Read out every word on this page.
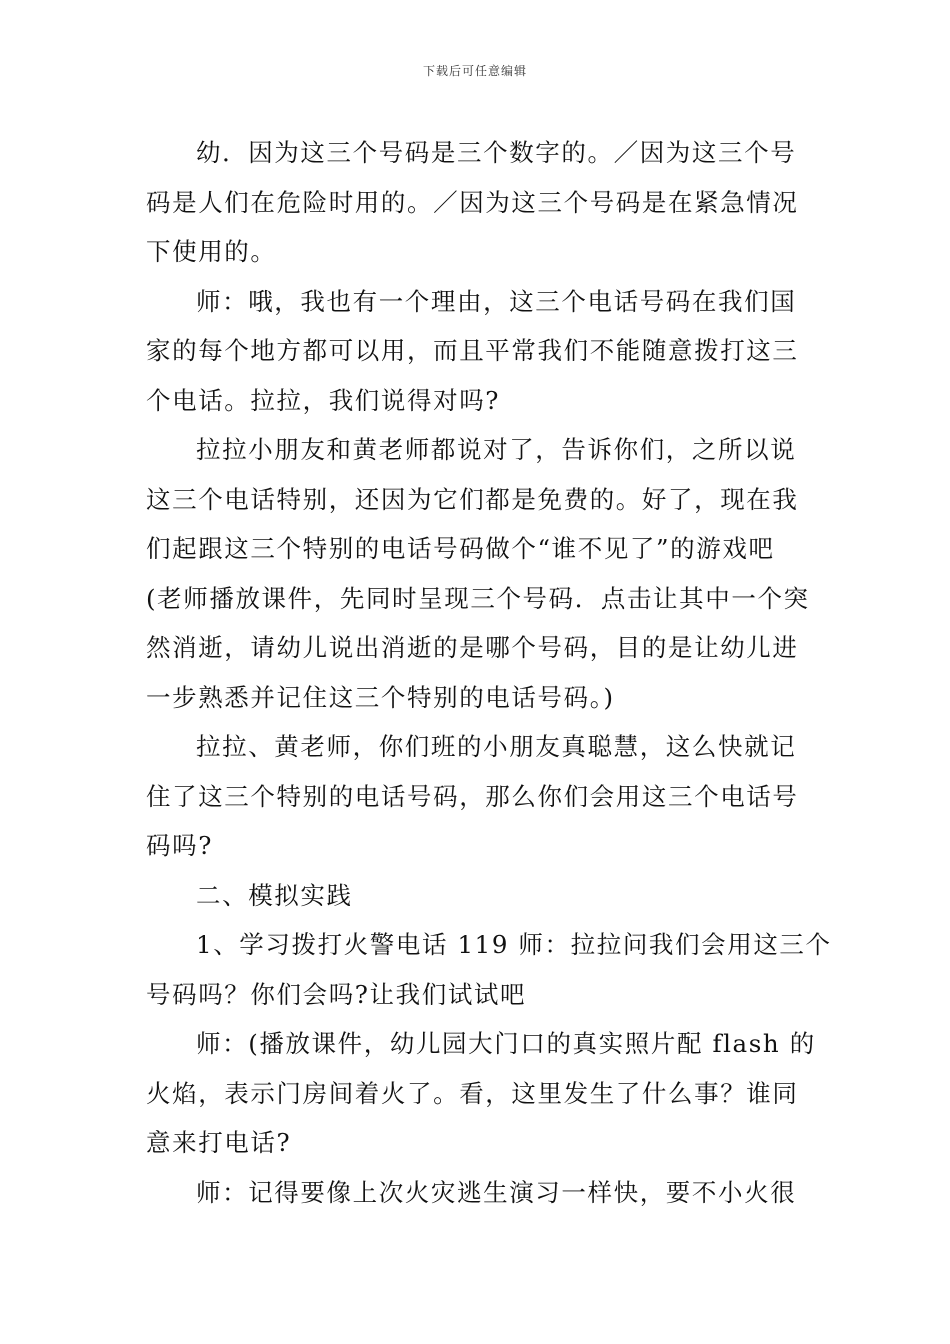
下载后可任意编辑
幼．因为这三个号码是三个数字的。／因为这三个号
码是人们在危险时用的。／因为这三个号码是在紧急情况
下使用的。
师：哦，我也有一个理由，这三个电话号码在我们国
家的每个地方都可以用，而且平常我们不能随意拨打这三
个电话。拉拉，我们说得对吗?
拉拉小朋友和黄老师都说对了，告诉你们，之所以说
这三个电话特别，还因为它们都是免费的。好了，现在我
们起跟这三个特别的电话号码做个“谁不见了”的游戏吧
(老师播放课件，先同时呈现三个号码．点击让其中一个突
然消逝，请幼儿说出消逝的是哪个号码，目的是让幼儿进
一步熟悉并记住这三个特别的电话号码。)
拉拉、黄老师，你们班的小朋友真聪慧，这么快就记
住了这三个特别的电话号码，那么你们会用这三个电话号
码吗?
二、模拟实践
1、学习拨打火警电话 119 师：拉拉问我们会用这三个
号码吗？你们会吗?让我们试试吧
师：(播放课件，幼儿园大门口的真实照片配 flash 的
火焰，表示门房间着火了。看，这里发生了什么事？谁同
意来打电话?
师：记得要像上次火灾逃生演习一样快，要不小火很
